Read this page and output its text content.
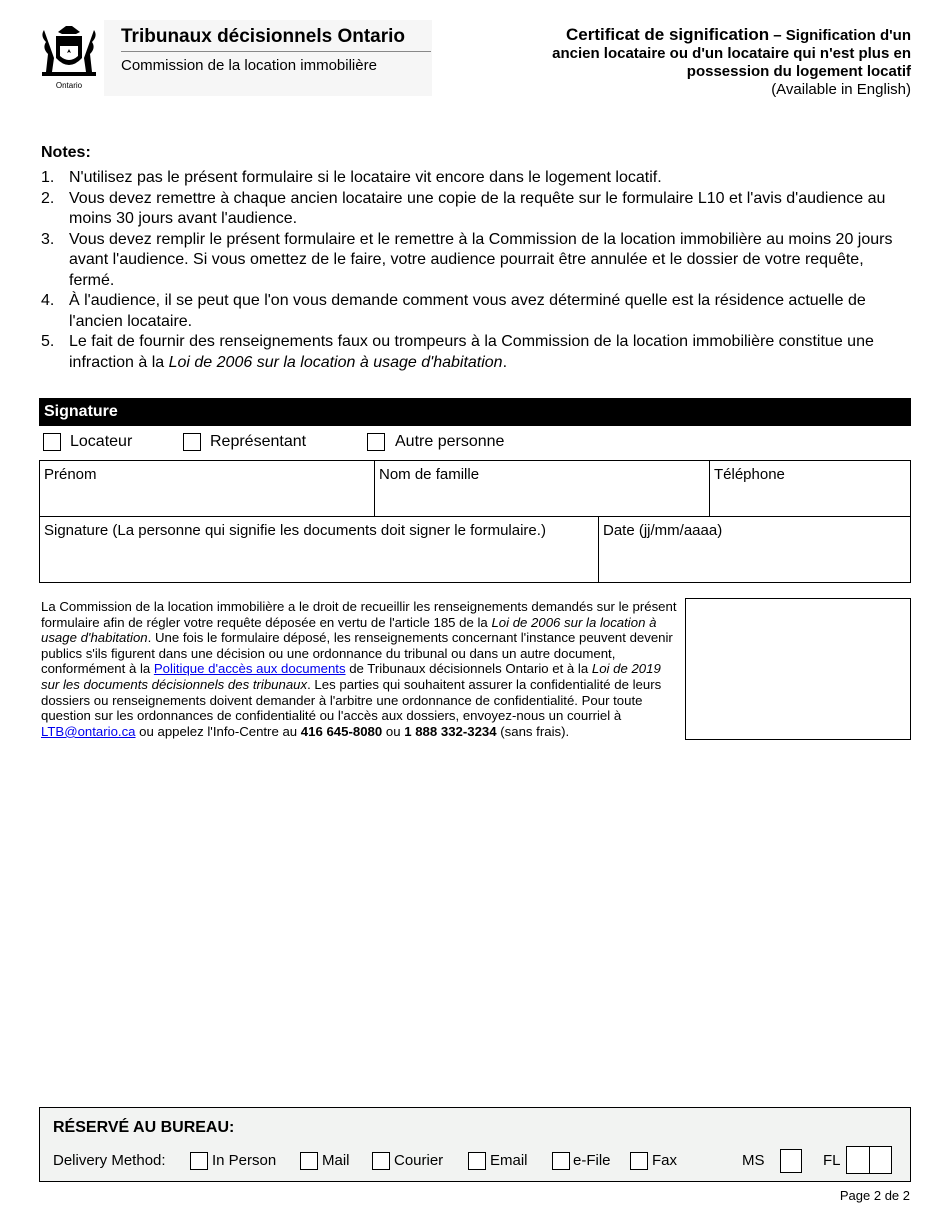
Ontario
Tribunaux décisionnels Ontario
Commission de la location immobilière
Certificat de signification – Signification d'un
ancien locataire ou d'un locataire qui n'est plus en
possession du logement locatif
(Available in English)
Notes:
1. N'utilisez pas le présent formulaire si le locataire vit encore dans le logement locatif.
2. Vous devez remettre à chaque ancien locataire une copie de la requête sur le formulaire L10 et l'avis d'audience au moins 30 jours avant l'audience.
3. Vous devez remplir le présent formulaire et le remettre à la Commission de la location immobilière au moins 20 jours avant l'audience. Si vous omettez de le faire, votre audience pourrait être annulée et le dossier de votre requête, fermé.
4. À l'audience, il se peut que l'on vous demande comment vous avez déterminé quelle est la résidence actuelle de l'ancien locataire.
5. Le fait de fournir des renseignements faux ou trompeurs à la Commission de la location immobilière constitue une infraction à la Loi de 2006 sur la location à usage d'habitation.
Signature
Locateur	Représentant	Autre personne
Prénom	Nom de famille	Téléphone
Signature (La personne qui signifie les documents doit signer le formulaire.)	Date (jj/mm/aaaa)
La Commission de la location immobilière a le droit de recueillir les renseignements demandés sur le présent formulaire afin de régler votre requête déposée en vertu de l'article 185 de la Loi de 2006 sur la location à usage d'habitation. Une fois le formulaire déposé, les renseignements concernant l'instance peuvent devenir publics s'ils figurent dans une décision ou une ordonnance du tribunal ou dans un autre document, conformément à la Politique d'accès aux documents de Tribunaux décisionnels Ontario et à la Loi de 2019 sur les documents décisionnels des tribunaux. Les parties qui souhaitent assurer la confidentialité de leurs dossiers ou renseignements doivent demander à l'arbitre une ordonnance de confidentialité. Pour toute question sur les ordonnances de confidentialité ou l'accès aux dossiers, envoyez-nous un courriel à LTB@ontario.ca ou appelez l'Info-Centre au 416 645-8080 ou 1 888 332-3234 (sans frais).
RÉSERVÉ AU BUREAU:
Delivery Method:	In Person	Mail	Courier	Email	e-File	Fax	MS	FL
Page 2 de 2
